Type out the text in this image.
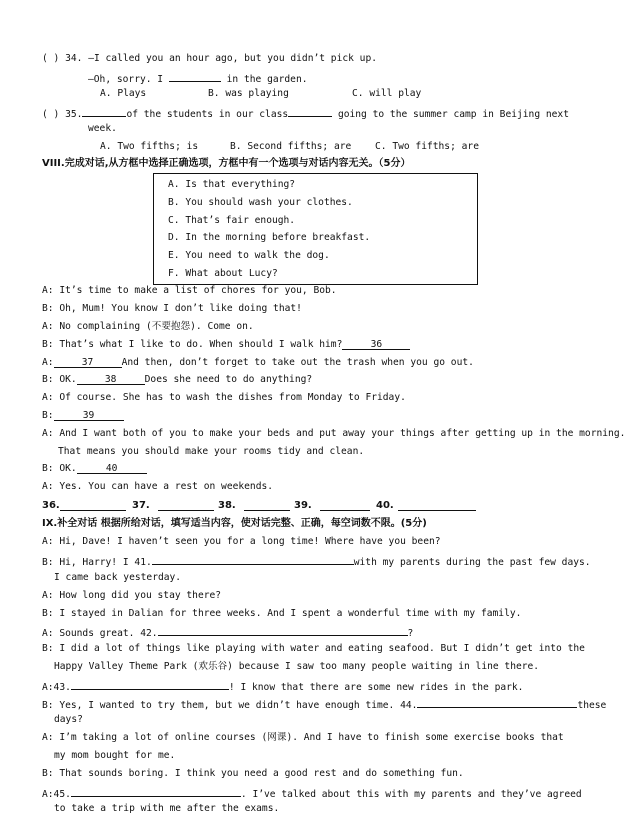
( ) 34. —I called you an hour ago, but you didn’t pick up.
—Oh, sorry. I	in the garden.
A. Plays	B. was playing	C. will play
( ) 35.	of the students in our class	going to the summer camp in Beijing next
week.
A. Two fifths; is	B. Second fifths; are C. Two fifths; are
VIII.完成对话,从方框中选择正确选项，方框中有一个选项与对话内容无关。（5分）
A. Is that everything?
B. You should wash your clothes.
C. That’s fair enough.
D. In the morning before breakfast.
E. You need to walk the dog.
F. What about Lucy?
A: It’s time to make a list of chores for you, Bob.
B: Oh, Mum! You know I don’t like doing that!
A: No complaining (不要抱怨). Come on.
B: That’s what I like to do. When should I walk him?	36
A:	37	And then, don’t forget to take out the trash when you go out.
B: OK.	38	Does she need to do anything?
A: Of course. She has to wash the dishes from Monday to Friday.
B:	39
A: And I want both of you to make your beds and put away your things after getting up in the morning.
That means you should make your rooms tidy and clean.
B: OK.	40
A: Yes. You can have a rest on weekends.
36.	37.	38.	39.	40.
IX.补全对话 根据所给对话，填写适当内容，使对话完整、正确，每空词数不限。(5分)
A: Hi, Dave! I haven’t seen you for a long time! Where have you been?
B: Hi, Harry! I 41.	with my parents during the past few days.
I came back yesterday.
A: How long did you stay there?
B: I stayed in Dalian for three weeks. And I spent a wonderful time with my family.
A: Sounds great. 42.	?
B: I did a lot of things like playing with water and eating seafood. But I didn’t get into the
Happy Valley Theme Park (欢乐谷) because I saw too many people waiting in line there.
A:43.	! I know that there are some new rides in the park.
B: Yes, I wanted to try them, but we didn’t have enough time. 44.	these
days?
A: I’m taking a lot of online courses (网课). And I have to finish some exercise books that
my mom bought for me.
B: That sounds boring. I think you need a good rest and do something fun.
A:45.	. I’ve talked about this with my parents and they’ve agreed
to take a trip with me after the exams.
